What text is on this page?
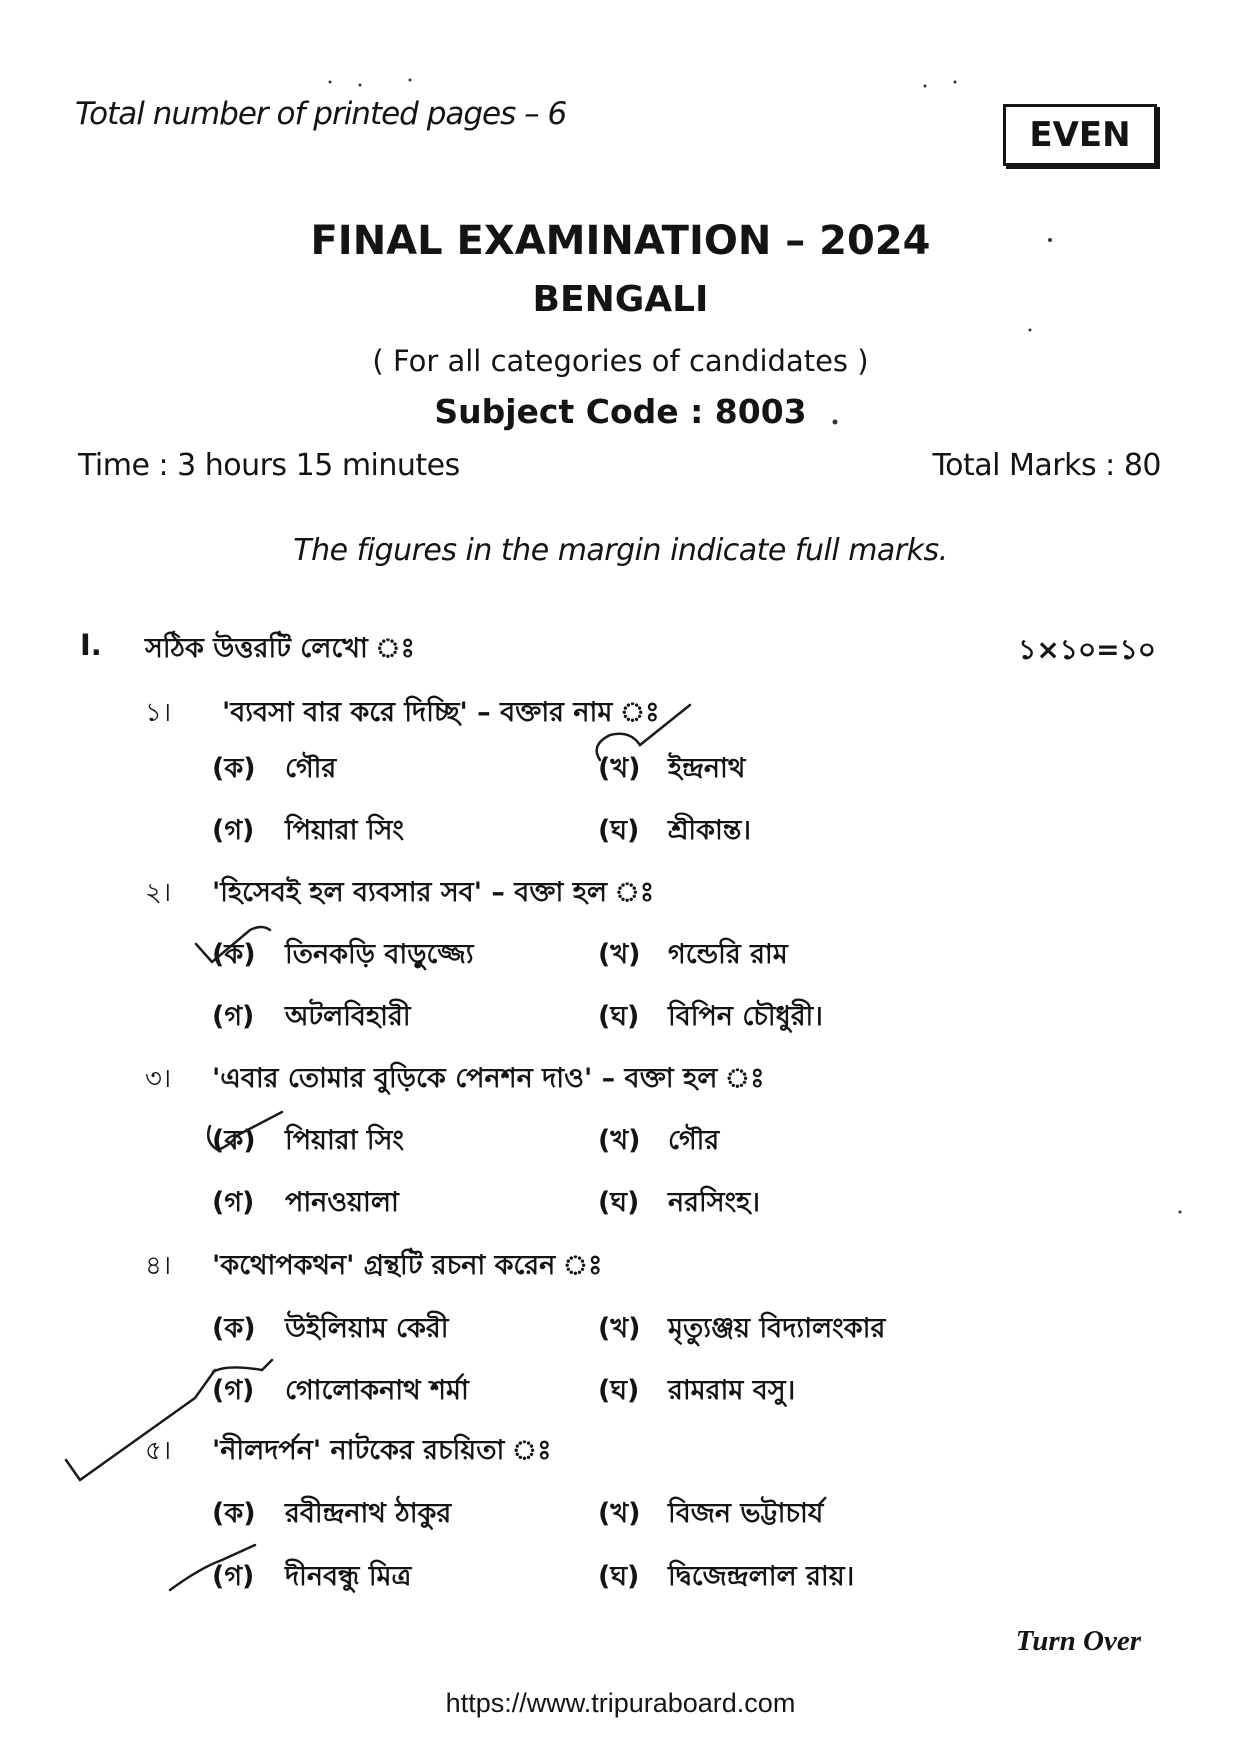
Total number of printed pages – 6
EVEN
FINAL EXAMINATION – 2024
BENGALI
( For all categories of candidates )
Subject Code : 8003
Time : 3 hours 15 minutes	Total Marks : 80
The figures in the margin indicate full marks.
I. সঠিক উত্তরটি লেখো ঃ	১×১০=১০
১। 'ব্যবসা বার করে দিচ্ছি' – বক্তার নাম ঃ
(ক) গৌর	(খ) ইন্দ্রনাথ
(গ) পিয়ারা সিং	(ঘ) শ্রীকান্ত।
২। 'হিসেবই হল ব্যবসার সব' – বক্তা হল ঃ
(ক) তিনকড়ি বাড়ুজ্জ্যে	(খ) গন্ডেরি রাম
(গ) অটলবিহারী	(ঘ) বিপিন চৌধুরী।
৩। 'এবার তোমার বুড়িকে পেনশন দাও' – বক্তা হল ঃ
(ক) পিয়ারা সিং	(খ) গৌর
(গ) পানওয়ালা	(ঘ) নরসিংহ।
৪। 'কথোপকথন' গ্রন্থটি রচনা করেন ঃ
(ক) উইলিয়াম কেরী	(খ) মৃত্যুঞ্জয় বিদ্যালংকার
(গ) গোলোকনাথ শর্মা	(ঘ) রামরাম বসু।
৫। 'নীলদর্পন' নাটকের রচয়িতা ঃ
(ক) রবীন্দ্রনাথ ঠাকুর	(খ) বিজন ভট্টাচার্য
(গ) দীনবন্ধু মিত্র	(ঘ) দ্বিজেন্দ্রলাল রায়।
Turn Over
https://www.tripuraboard.com
